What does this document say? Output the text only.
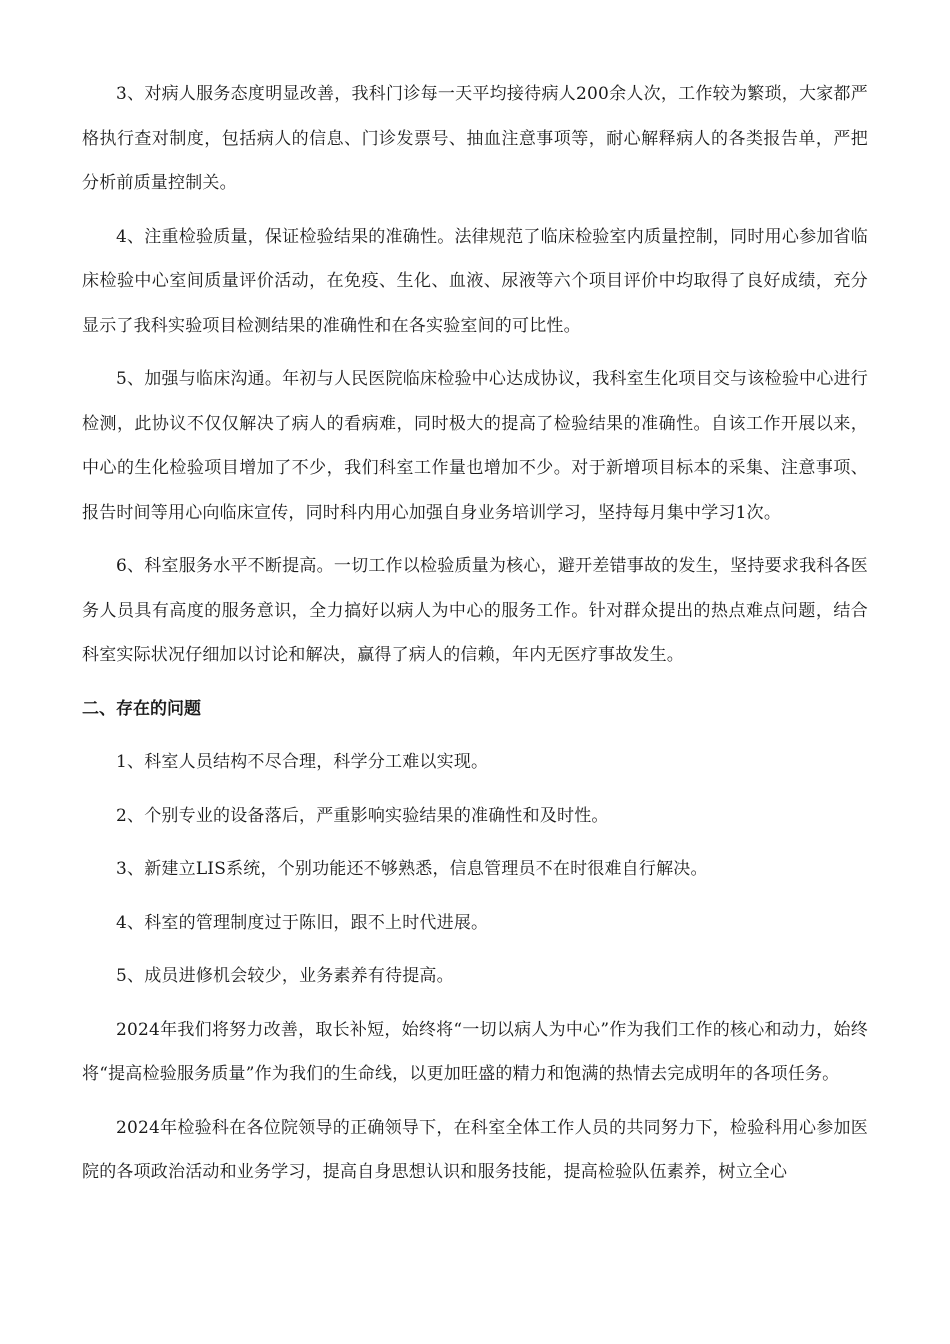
3、对病人服务态度明显改善，我科门诊每一天平均接待病人200余人次，工作较为繁琐，大家都严格执行查对制度，包括病人的信息、门诊发票号、抽血注意事项等，耐心解释病人的各类报告单，严把分析前质量控制关。

4、注重检验质量，保证检验结果的准确性。法律规范了临床检验室内质量控制，同时用心参加省临床检验中心室间质量评价活动，在免疫、生化、血液、尿液等六个项目评价中均取得了良好成绩，充分显示了我科实验项目检测结果的准确性和在各实验室间的可比性。

5、加强与临床沟通。年初与人民医院临床检验中心达成协议，我科室生化项目交与该检验中心进行检测，此协议不仅仅解决了病人的看病难，同时极大的提高了检验结果的准确性。自该工作开展以来，中心的生化检验项目增加了不少，我们科室工作量也增加不少。对于新增项目标本的采集、注意事项、报告时间等用心向临床宣传，同时科内用心加强自身业务培训学习，坚持每月集中学习1次。

6、科室服务水平不断提高。一切工作以检验质量为核心，避开差错事故的发生，坚持要求我科各医务人员具有高度的服务意识，全力搞好以病人为中心的服务工作。针对群众提出的热点难点问题，结合科室实际状况仔细加以讨论和解决，赢得了病人的信赖，年内无医疗事故发生。

二、存在的问题

1、科室人员结构不尽合理，科学分工难以实现。

2、个别专业的设备落后，严重影响实验结果的准确性和及时性。

3、新建立LIS系统，个别功能还不够熟悉，信息管理员不在时很难自行解决。

4、科室的管理制度过于陈旧，跟不上时代进展。

5、成员进修机会较少，业务素养有待提高。

2024年我们将努力改善，取长补短，始终将“一切以病人为中心”作为我们工作的核心和动力，始终将“提高检验服务质量”作为我们的生命线，以更加旺盛的精力和饱满的热情去完成明年的各项任务。

2024年检验科在各位院领导的正确领导下，在科室全体工作人员的共同努力下，检验科用心参加医院的各项政治活动和业务学习，提高自身思想认识和服务技能，提高检验队伍素养，树立全心
